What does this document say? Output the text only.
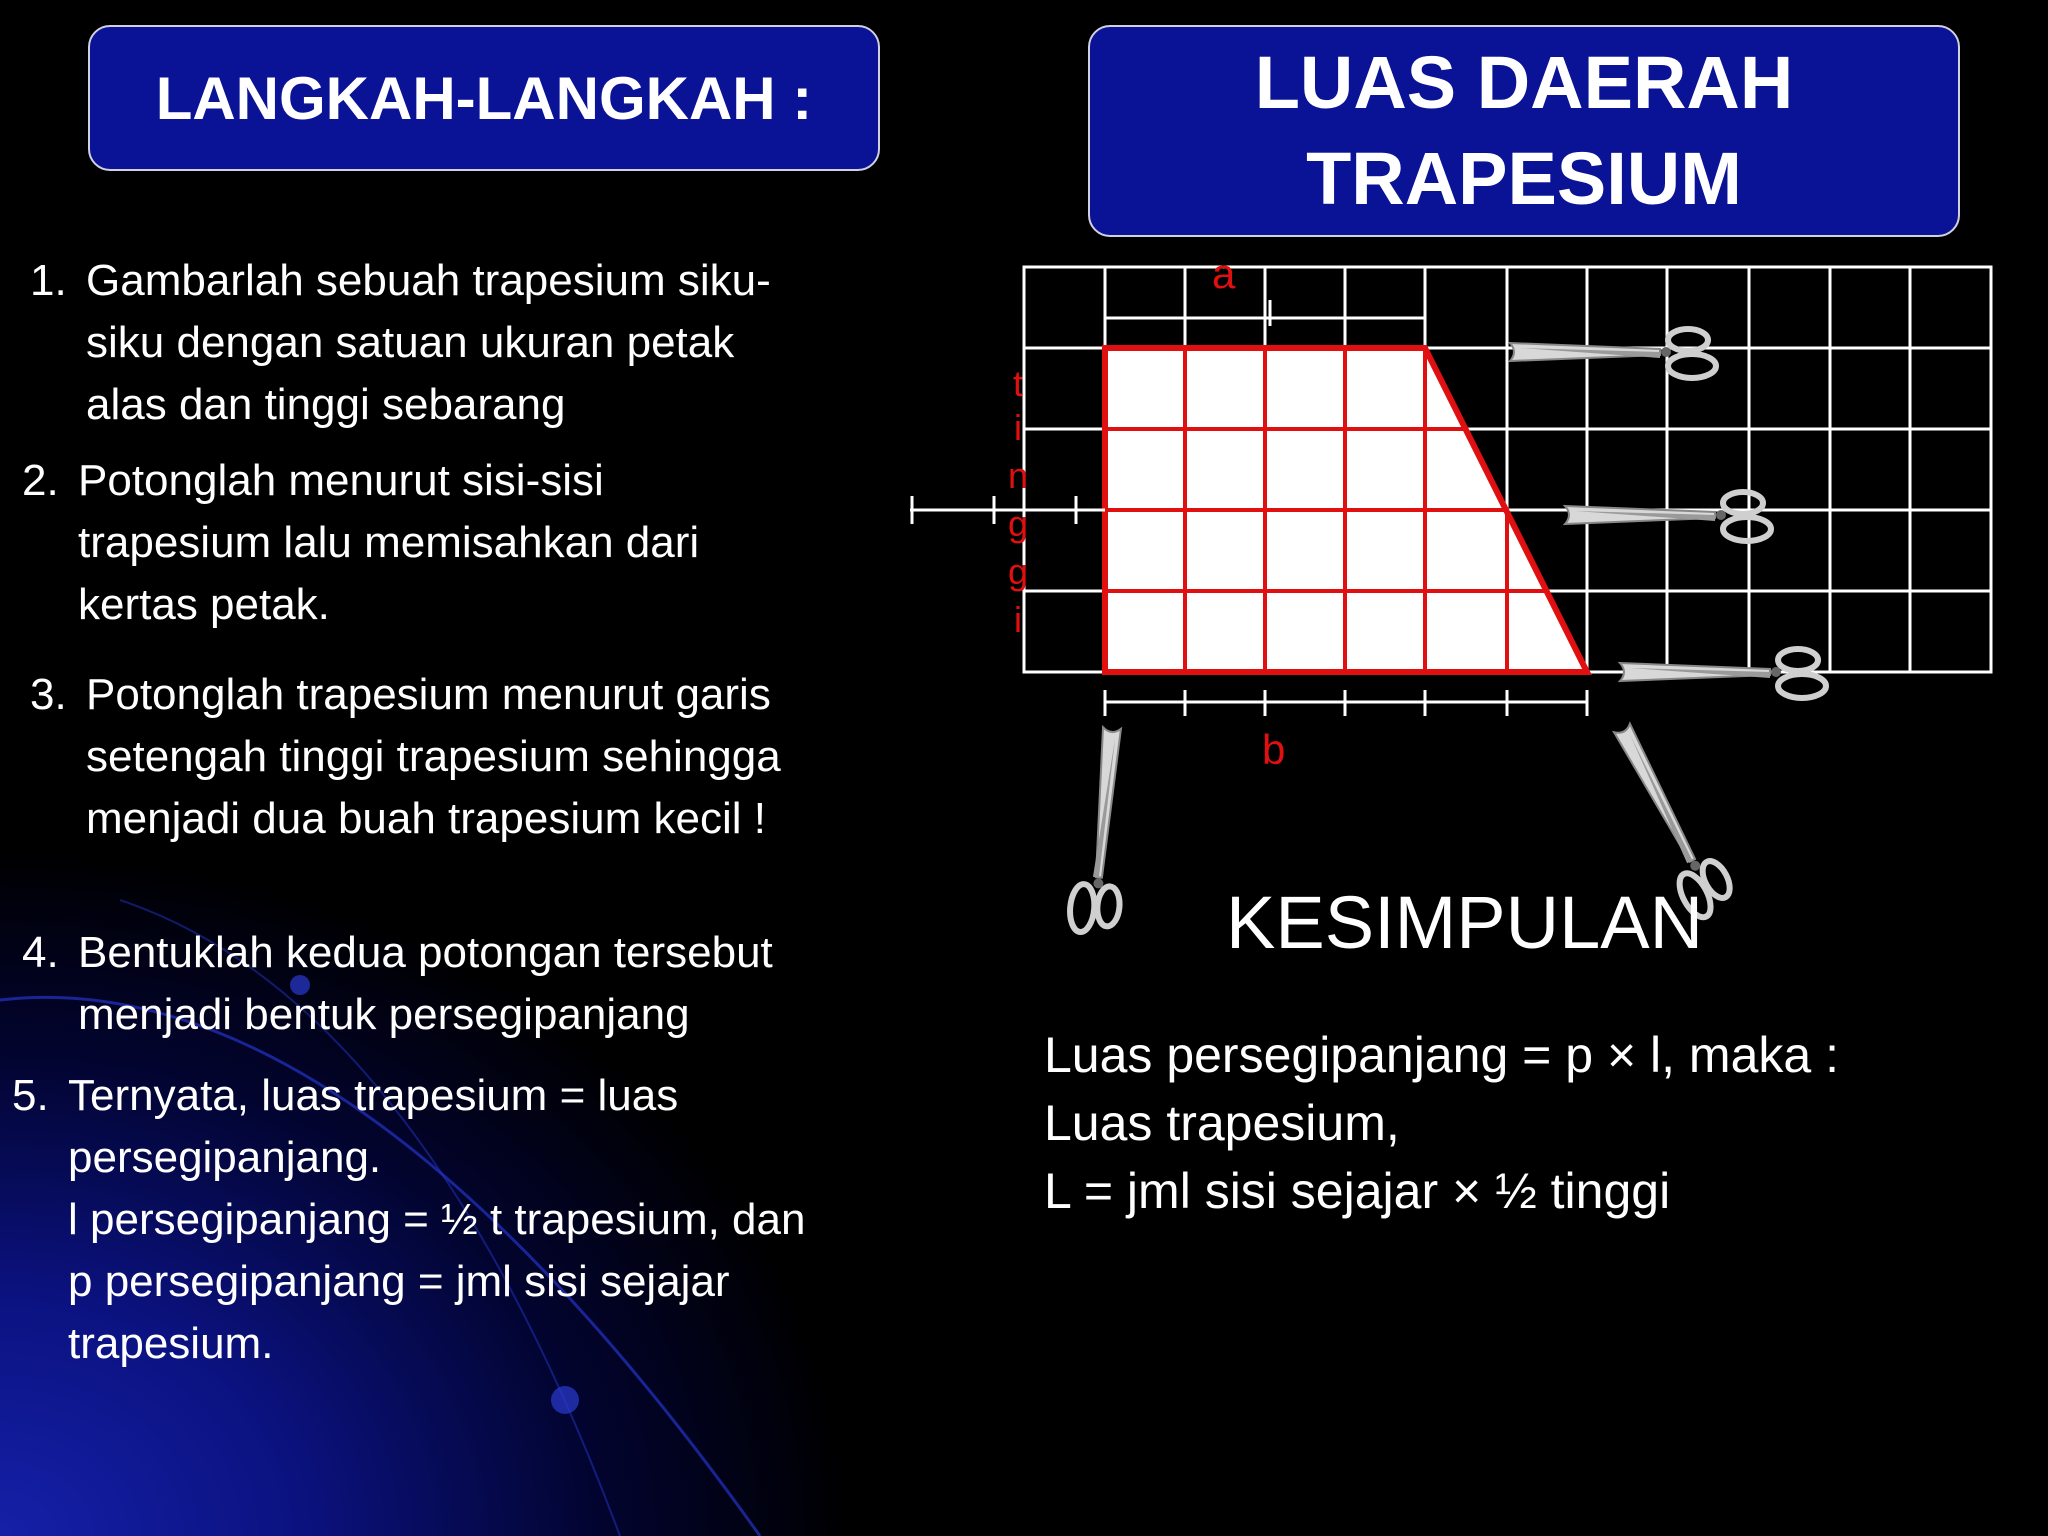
LANGKAH-LANGKAH :	LUAS DAERAH
TRAPESIUM
1. Gambarlah sebuah trapesium siku-
siku dengan satuan ukuran petak
alas dan tinggi sebarang
2. Potonglah menurut sisi-sisi
trapesium lalu memisahkan dari
kertas petak.
3. Potonglah trapesium menurut garis
setengah tinggi trapesium sehingga
menjadi dua buah trapesium kecil !
4. Bentuklah kedua potongan tersebut
menjadi bentuk persegipanjang
5. Ternyata, luas trapesium = luas
persegipanjang.
l persegipanjang = ½ t trapesium, dan
p persegipanjang = jml sisi sejajar
trapesium.
a
b
t
i
n
g
g
i
KESIMPULAN
Luas persegipanjang = p × l, maka :
Luas trapesium,
L = jml sisi sejajar × ½ tinggi
